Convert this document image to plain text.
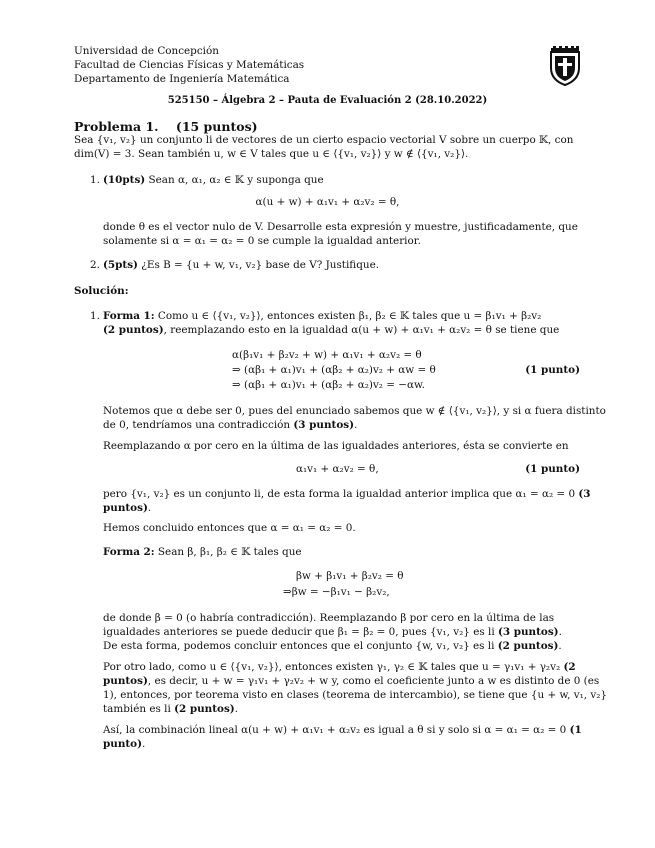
Universidad de Concepción
Facultad de Ciencias Físicas y Matemáticas
Departamento de Ingeniería Matemática
525150 – Álgebra 2 – Pauta de Evaluación 2 (28.10.2022)
Problema 1.    (15 puntos)
Sea {v₁, v₂} un conjunto li de vectores de un cierto espacio vectorial V sobre un cuerpo 𝕂, con
dim(V) = 3. Sean también u, w ∈ V tales que u ∈ ⟨{v₁, v₂}⟩ y w ∉ ⟨{v₁, v₂}⟩.
1. (10pts) Sean α, α₁, α₂ ∈ 𝕂 y suponga que
α(u + w) + α₁v₁ + α₂v₂ = θ,
donde θ es el vector nulo de V. Desarrolle esta expresión y muestre, justificadamente, que
solamente si α = α₁ = α₂ = 0 se cumple la igualdad anterior.
2. (5pts) ¿Es B = {u + w, v₁, v₂} base de V? Justifique.
Solución:
1. Forma 1: Como u ∈ ⟨{v₁, v₂}⟩, entonces existen β₁, β₂ ∈ 𝕂 tales que u = β₁v₁ + β₂v₂
(2 puntos), reemplazando esto en la igualdad α(u + w) + α₁v₁ + α₂v₂ = θ se tiene que
α(β₁v₁ + β₂v₂ + w) + α₁v₁ + α₂v₂ = θ
⇒ (αβ₁ + α₁)v₁ + (αβ₂ + α₂)v₂ + αw = θ	(1 punto)
⇒ (αβ₁ + α₁)v₁ + (αβ₂ + α₂)v₂ = −αw.
Notemos que α debe ser 0, pues del enunciado sabemos que w ∉ ⟨{v₁, v₂}⟩, y si α fuera distinto
de 0, tendríamos una contradicción (3 puntos).
Reemplazando α por cero en la última de las igualdades anteriores, ésta se convierte en
α₁v₁ + α₂v₂ = θ,	(1 punto)
pero {v₁, v₂} es un conjunto li, de esta forma la igualdad anterior implica que α₁ = α₂ = 0 (3
puntos).
Hemos concluido entonces que α = α₁ = α₂ = 0.
Forma 2: Sean β, β₁, β₂ ∈ 𝕂 tales que
βw + β₁v₁ + β₂v₂ = θ
⇒βw = −β₁v₁ − β₂v₂,
de donde β = 0 (o habría contradicción). Reemplazando β por cero en la última de las
igualdades anteriores se puede deducir que β₁ = β₂ = 0, pues {v₁, v₂} es li (3 puntos).
De esta forma, podemos concluir entonces que el conjunto {w, v₁, v₂} es li (2 puntos).
Por otro lado, como u ∈ ⟨{v₁, v₂}⟩, entonces existen γ₁, γ₂ ∈ 𝕂 tales que u = γ₁v₁ + γ₂v₂ (2
puntos), es decir, u + w = γ₁v₁ + γ₂v₂ + w y, como el coeficiente junto a w es distinto de 0 (es
1), entonces, por teorema visto en clases (teorema de intercambio), se tiene que {u + w, v₁, v₂}
también es li (2 puntos).
Así, la combinación lineal α(u + w) + α₁v₁ + α₂v₂ es igual a θ si y solo si α = α₁ = α₂ = 0 (1
punto).
